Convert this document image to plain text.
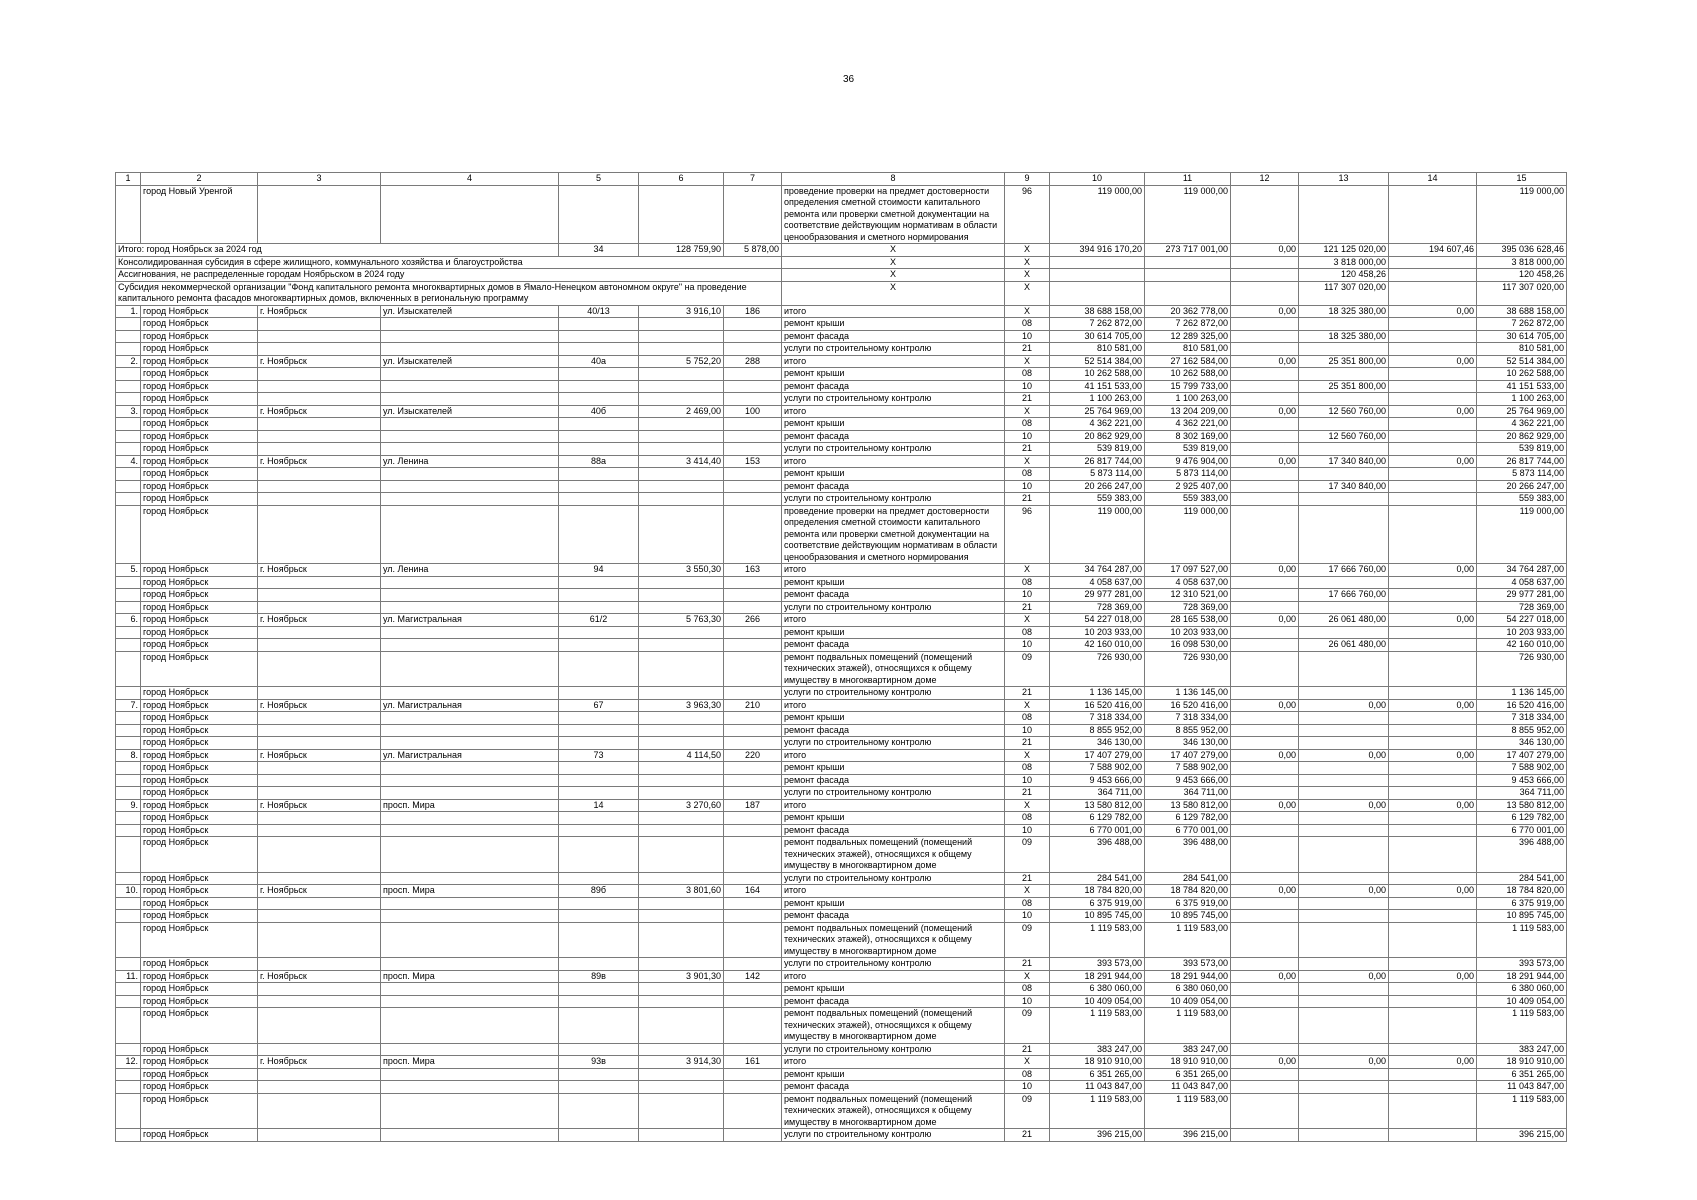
36
1	2	3	4	5	6	7	8	9	10	11	12	13	14	15
	город Новый Уренгой						проведение проверки на предмет достоверности определения сметной стоимости капитального ремонта или проверки сметной документации на соответствие действующим нормативам в области ценообразования и сметного нормирования	96	119 000,00	119 000,00				119 000,00
Итого: город Ноябрьск за 2024 год				34	128 759,90	5 878,00	X	X	394 916 170,20	273 717 001,00	0,00	121 125 020,00	194 607,46	395 036 628,46
Консолидированная субсидия в сфере жилищного, коммунального хозяйства и благоустройства							X	X				3 818 000,00		3 818 000,00
Ассигнования, не распределенные городам Ноябрьском в 2024 году							X	X				120 458,26		120 458,26
Субсидия некоммерческой организации "Фонд капитального ремонта многоквартирных домов в Ямало-Ненецком автономном округе" на проведение капитального ремонта фасадов многоквартирных домов, включенных в региональную программу							X	X				117 307 020,00		117 307 020,00
1.	город Ноябрьск	г. Ноябрьск	ул. Изыскателей	40/13	3 916,10	186	итого	X	38 688 158,00	20 362 778,00	0,00	18 325 380,00	0,00	38 688 158,00
	город Ноябрьск						ремонт крыши	08	7 262 872,00	7 262 872,00				7 262 872,00
	город Ноябрьск						ремонт фасада	10	30 614 705,00	12 289 325,00		18 325 380,00		30 614 705,00
	город Ноябрьск						услуги по строительному контролю	21	810 581,00	810 581,00				810 581,00
2.	город Ноябрьск	г. Ноябрьск	ул. Изыскателей	40а	5 752,20	288	итого	X	52 514 384,00	27 162 584,00	0,00	25 351 800,00	0,00	52 514 384,00
	город Ноябрьск						ремонт крыши	08	10 262 588,00	10 262 588,00				10 262 588,00
	город Ноябрьск						ремонт фасада	10	41 151 533,00	15 799 733,00		25 351 800,00		41 151 533,00
	город Ноябрьск						услуги по строительному контролю	21	1 100 263,00	1 100 263,00				1 100 263,00
3.	город Ноябрьск	г. Ноябрьск	ул. Изыскателей	40б	2 469,00	100	итого	X	25 764 969,00	13 204 209,00	0,00	12 560 760,00	0,00	25 764 969,00
	город Ноябрьск						ремонт крыши	08	4 362 221,00	4 362 221,00				4 362 221,00
	город Ноябрьск						ремонт фасада	10	20 862 929,00	8 302 169,00		12 560 760,00		20 862 929,00
	город Ноябрьск						услуги по строительному контролю	21	539 819,00	539 819,00				539 819,00
4.	город Ноябрьск	г. Ноябрьск	ул. Ленина	88а	3 414,40	153	итого	X	26 817 744,00	9 476 904,00	0,00	17 340 840,00	0,00	26 817 744,00
	город Ноябрьск						ремонт крыши	08	5 873 114,00	5 873 114,00				5 873 114,00
	город Ноябрьск						ремонт фасада	10	20 266 247,00	2 925 407,00		17 340 840,00		20 266 247,00
	город Ноябрьск						услуги по строительному контролю	21	559 383,00	559 383,00				559 383,00
	город Ноябрьск						проведение проверки на предмет достоверности определения сметной стоимости капитального ремонта или проверки сметной документации на соответствие действующим нормативам в области ценообразования и сметного нормирования	96	119 000,00	119 000,00				119 000,00
5.	город Ноябрьск	г. Ноябрьск	ул. Ленина	94	3 550,30	163	итого	X	34 764 287,00	17 097 527,00	0,00	17 666 760,00	0,00	34 764 287,00
	город Ноябрьск						ремонт крыши	08	4 058 637,00	4 058 637,00				4 058 637,00
	город Ноябрьск						ремонт фасада	10	29 977 281,00	12 310 521,00		17 666 760,00		29 977 281,00
	город Ноябрьск						услуги по строительному контролю	21	728 369,00	728 369,00				728 369,00
6.	город Ноябрьск	г. Ноябрьск	ул. Магистральная	61/2	5 763,30	266	итого	X	54 227 018,00	28 165 538,00	0,00	26 061 480,00	0,00	54 227 018,00
	город Ноябрьск						ремонт крыши	08	10 203 933,00	10 203 933,00				10 203 933,00
	город Ноябрьск						ремонт фасада	10	42 160 010,00	16 098 530,00		26 061 480,00		42 160 010,00
	город Ноябрьск						ремонт подвальных помещений (помещений технических этажей), относящихся к общему имуществу в многоквартирном доме	09	726 930,00	726 930,00				726 930,00
	город Ноябрьск						услуги по строительному контролю	21	1 136 145,00	1 136 145,00				1 136 145,00
7.	город Ноябрьск	г. Ноябрьск	ул. Магистральная	67	3 963,30	210	итого	X	16 520 416,00	16 520 416,00	0,00	0,00	0,00	16 520 416,00
	город Ноябрьск						ремонт крыши	08	7 318 334,00	7 318 334,00				7 318 334,00
	город Ноябрьск						ремонт фасада	10	8 855 952,00	8 855 952,00				8 855 952,00
	город Ноябрьск						услуги по строительному контролю	21	346 130,00	346 130,00				346 130,00
8.	город Ноябрьск	г. Ноябрьск	ул. Магистральная	73	4 114,50	220	итого	X	17 407 279,00	17 407 279,00	0,00	0,00	0,00	17 407 279,00
	город Ноябрьск						ремонт крыши	08	7 588 902,00	7 588 902,00				7 588 902,00
	город Ноябрьск						ремонт фасада	10	9 453 666,00	9 453 666,00				9 453 666,00
	город Ноябрьск						услуги по строительному контролю	21	364 711,00	364 711,00				364 711,00
9.	город Ноябрьск	г. Ноябрьск	просп. Мира	14	3 270,60	187	итого	X	13 580 812,00	13 580 812,00	0,00	0,00	0,00	13 580 812,00
	город Ноябрьск						ремонт крыши	08	6 129 782,00	6 129 782,00				6 129 782,00
	город Ноябрьск						ремонт фасада	10	6 770 001,00	6 770 001,00				6 770 001,00
	город Ноябрьск						ремонт подвальных помещений (помещений технических этажей), относящихся к общему имуществу в многоквартирном доме	09	396 488,00	396 488,00				396 488,00
	город Ноябрьск						услуги по строительному контролю	21	284 541,00	284 541,00				284 541,00
10.	город Ноябрьск	г. Ноябрьск	просп. Мира	89б	3 801,60	164	итого	X	18 784 820,00	18 784 820,00	0,00	0,00	0,00	18 784 820,00
	город Ноябрьск						ремонт крыши	08	6 375 919,00	6 375 919,00				6 375 919,00
	город Ноябрьск						ремонт фасада	10	10 895 745,00	10 895 745,00				10 895 745,00
	город Ноябрьск						ремонт подвальных помещений (помещений технических этажей), относящихся к общему имуществу в многоквартирном доме	09	1 119 583,00	1 119 583,00				1 119 583,00
	город Ноябрьск						услуги по строительному контролю	21	393 573,00	393 573,00				393 573,00
11.	город Ноябрьск	г. Ноябрьск	просп. Мира	89в	3 901,30	142	итого	X	18 291 944,00	18 291 944,00	0,00	0,00	0,00	18 291 944,00
	город Ноябрьск						ремонт крыши	08	6 380 060,00	6 380 060,00				6 380 060,00
	город Ноябрьск						ремонт фасада	10	10 409 054,00	10 409 054,00				10 409 054,00
	город Ноябрьск						ремонт подвальных помещений (помещений технических этажей), относящихся к общему имуществу в многоквартирном доме	09	1 119 583,00	1 119 583,00				1 119 583,00
	город Ноябрьск						услуги по строительному контролю	21	383 247,00	383 247,00				383 247,00
12.	город Ноябрьск	г. Ноябрьск	просп. Мира	93в	3 914,30	161	итого	X	18 910 910,00	18 910 910,00	0,00	0,00	0,00	18 910 910,00
	город Ноябрьск						ремонт крыши	08	6 351 265,00	6 351 265,00				6 351 265,00
	город Ноябрьск						ремонт фасада	10	11 043 847,00	11 043 847,00				11 043 847,00
	город Ноябрьск						ремонт подвальных помещений (помещений технических этажей), относящихся к общему имуществу в многоквартирном доме	09	1 119 583,00	1 119 583,00				1 119 583,00
	город Ноябрьск						услуги по строительному контролю	21	396 215,00	396 215,00				396 215,00
